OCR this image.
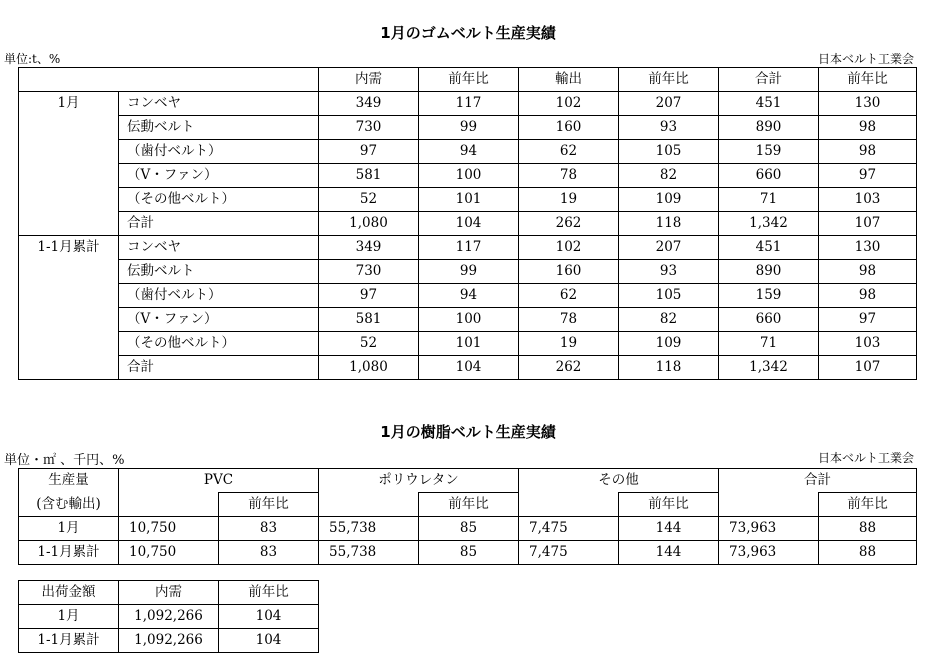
1月のゴムベルト生産実績
単位:t、%	日本ベルト工業会
		内需	前年比	輸出	前年比	合計	前年比
1月	コンベヤ	349	117	102	207	451	130
	伝動ベルト	730	99	160	93	890	98
	（歯付ベルト）	97	94	62	105	159	98
	（V・ファン）	581	100	78	82	660	97
	（その他ベルト）	52	101	19	109	71	103
	合計	1,080	104	262	118	1,342	107
1-1月累計	コンベヤ	349	117	102	207	451	130
	伝動ベルト	730	99	160	93	890	98
	（歯付ベルト）	97	94	62	105	159	98
	（V・ファン）	581	100	78	82	660	97
	（その他ベルト）	52	101	19	109	71	103
	合計	1,080	104	262	118	1,342	107
1月の樹脂ベルト生産実績
単位・㎡ 、千円、%	日本ベルト工業会
生産量	PVC		ポリウレタン		その他		合計	
(含む輸出)		前年比		前年比		前年比		前年比
1月	10,750	83	55,738	85	7,475	144	73,963	88
1-1月累計	10,750	83	55,738	85	7,475	144	73,963	88
出荷金額	内需	前年比
1月	1,092,266	104
1-1月累計	1,092,266	104
